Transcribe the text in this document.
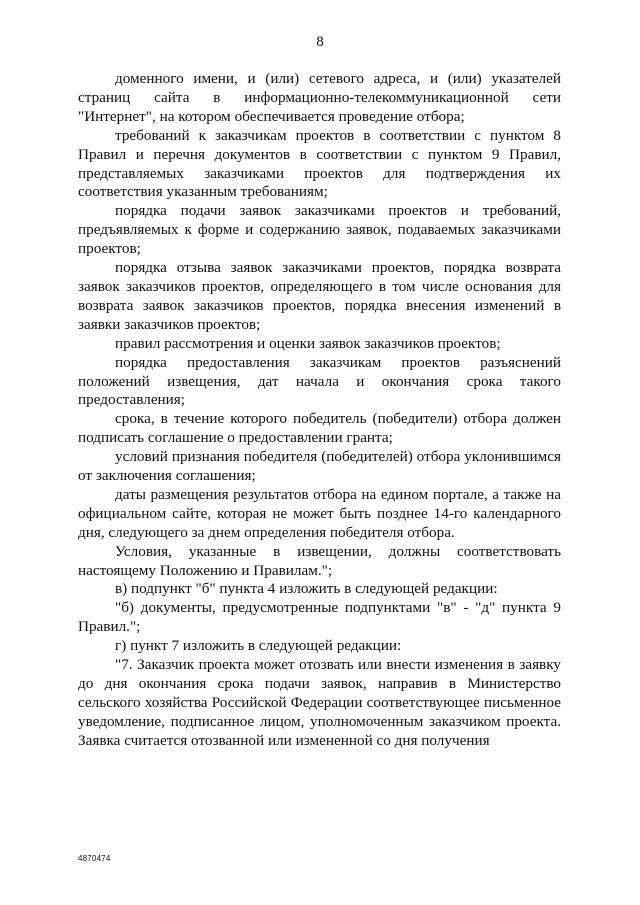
8

доменного имени, и (или) сетевого адреса, и (или) указателей страниц сайта в информационно-телекоммуникационной сети "Интернет", на котором обеспечивается проведение отбора;

требований к заказчикам проектов в соответствии с пунктом 8 Правил и перечня документов в соответствии с пунктом 9 Правил, представляемых заказчиками проектов для подтверждения их соответствия указанным требованиям;

порядка подачи заявок заказчиками проектов и требований, предъявляемых к форме и содержанию заявок, подаваемых заказчиками проектов;

порядка отзыва заявок заказчиками проектов, порядка возврата заявок заказчиков проектов, определяющего в том числе основания для возврата заявок заказчиков проектов, порядка внесения изменений в заявки заказчиков проектов;

правил рассмотрения и оценки заявок заказчиков проектов;

порядка предоставления заказчикам проектов разъяснений положений извещения, дат начала и окончания срока такого предоставления;

срока, в течение которого победитель (победители) отбора должен подписать соглашение о предоставлении гранта;

условий признания победителя (победителей) отбора уклонившимся от заключения соглашения;

даты размещения результатов отбора на едином портале, а также на официальном сайте, которая не может быть позднее 14-го календарного дня, следующего за днем определения победителя отбора.

Условия, указанные в извещении, должны соответствовать настоящему Положению и Правилам.";

в) подпункт "б" пункта 4 изложить в следующей редакции:

"б) документы, предусмотренные подпунктами "в" - "д" пункта 9 Правил.";

г) пункт 7 изложить в следующей редакции:

"7. Заказчик проекта может отозвать или внести изменения в заявку до дня окончания срока подачи заявок, направив в Министерство сельского хозяйства Российской Федерации соответствующее письменное уведомление, подписанное лицом, уполномоченным заказчиком проекта. Заявка считается отозванной или измененной со дня получения

4870474
